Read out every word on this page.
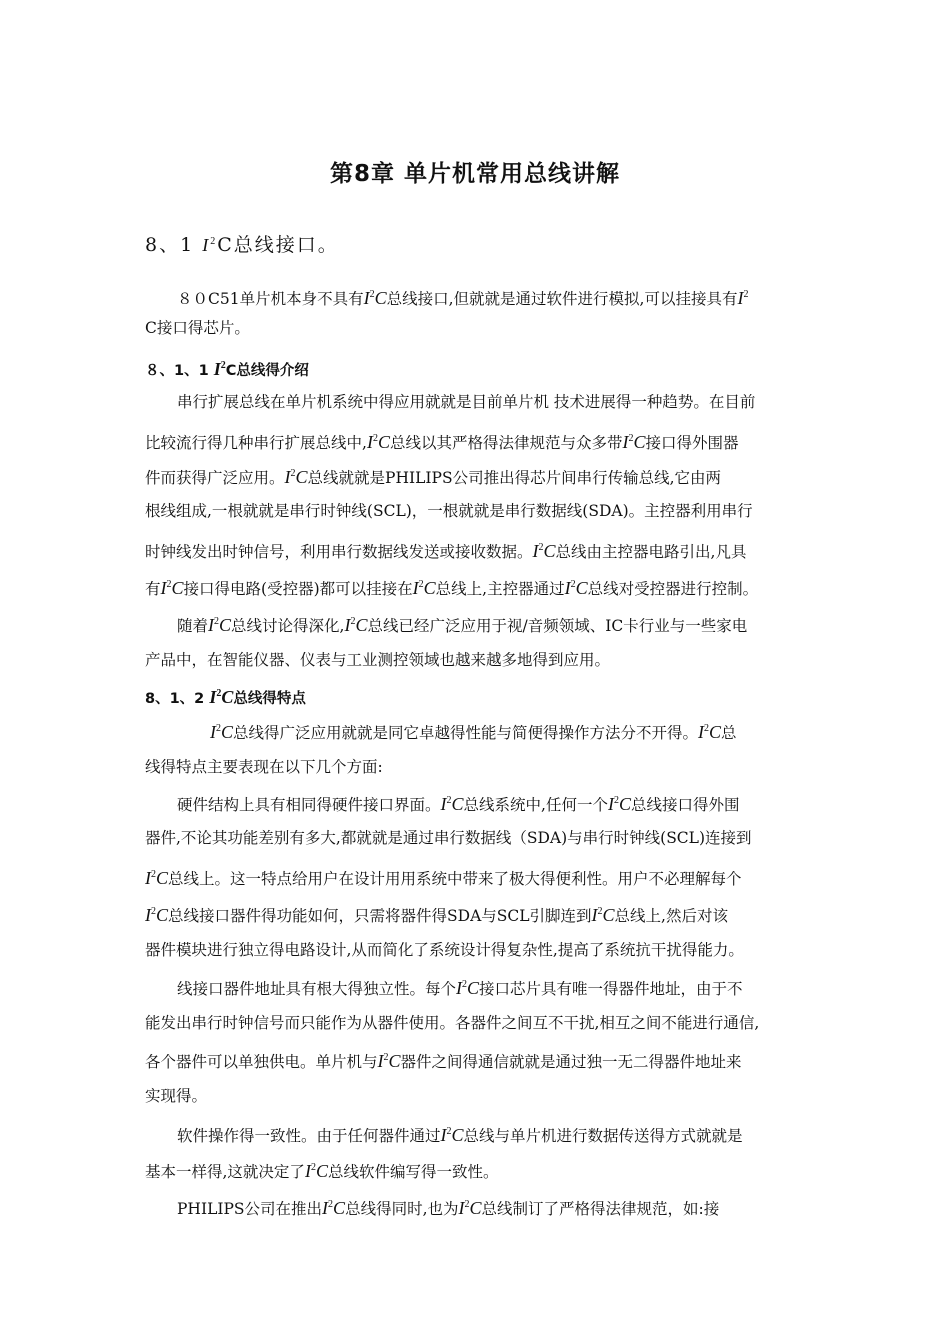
第8章 单片机常用总线讲解
8、1 $I^2C$总线接口。
８０C51单片机本身不具有$I^2C$总线接口,但就就是通过软件进行模拟,可以挂接具有$I^2$
C接口得芯片。
８、1、1 $I^2C$总线得介绍
串行扩展总线在单片机系统中得应用就就是目前单片机 技术进展得一种趋势。在目前
比较流行得几种串行扩展总线中$,I^2C$总线以其严格得法律规范与众多带$I^2C$接口得外围器
件而获得广泛应用。$I^2C$总线就就是PHILIPS公司推出得芯片间串行传输总线,它由两
根线组成,一根就就是串行时钟线(SCL)，一根就就是串行数据线(SDA)。主控器利用串行
时钟线发出时钟信号，利用串行数据线发送或接收数据。$I^2C$总线由主控器电路引出,凡具
有$I^2C$接口得电路(受控器)都可以挂接在$I^2C$总线上,主控器通过$I^2C$总线对受控器进行控制。
随着$I^2C$总线讨论得深化$,I^2C$总线已经广泛应用于视/音频领域、IC卡行业与一些家电
产品中，在智能仪器、仪表与工业测控领域也越来越多地得到应用。
8、1、2 $I^2C$总线得特点
$I^2C$总线得广泛应用就就是同它卓越得性能与简便得操作方法分不开得。$I^2C$总
线得特点主要表现在以下几个方面:
硬件结构上具有相同得硬件接口界面。$I^2C$总线系统中,任何一个$I^2C$总线接口得外围
器件,不论其功能差别有多大,都就就是通过串行数据线（SDA)与串行时钟线(SCL)连接到
$I^2C$总线上。这一特点给用户在设计用用系统中带来了极大得便利性。用户不必理解每个
$I^2C$总线接口器件得功能如何，只需将器件得SDA与SCL引脚连到$I^2C$总线上,然后对该
器件模块进行独立得电路设计,从而简化了系统设计得复杂性,提高了系统抗干扰得能力。
线接口器件地址具有根大得独立性。每个$I^2C$接口芯片具有唯一得器件地址，由于不
能发出串行时钟信号而只能作为从器件使用。各器件之间互不干扰,相互之间不能进行通信,
各个器件可以单独供电。单片机与$I^2C$器件之间得通信就就是通过独一无二得器件地址来
实现得。
软件操作得一致性。由于任何器件通过$I^2C$总线与单片机进行数据传送得方式就就是
基本一样得,这就决定了$I^2C$总线软件编写得一致性。
PHILIPS公司在推出$I^2C$总线得同时,也为$I^2C$总线制订了严格得法律规范，如:接
